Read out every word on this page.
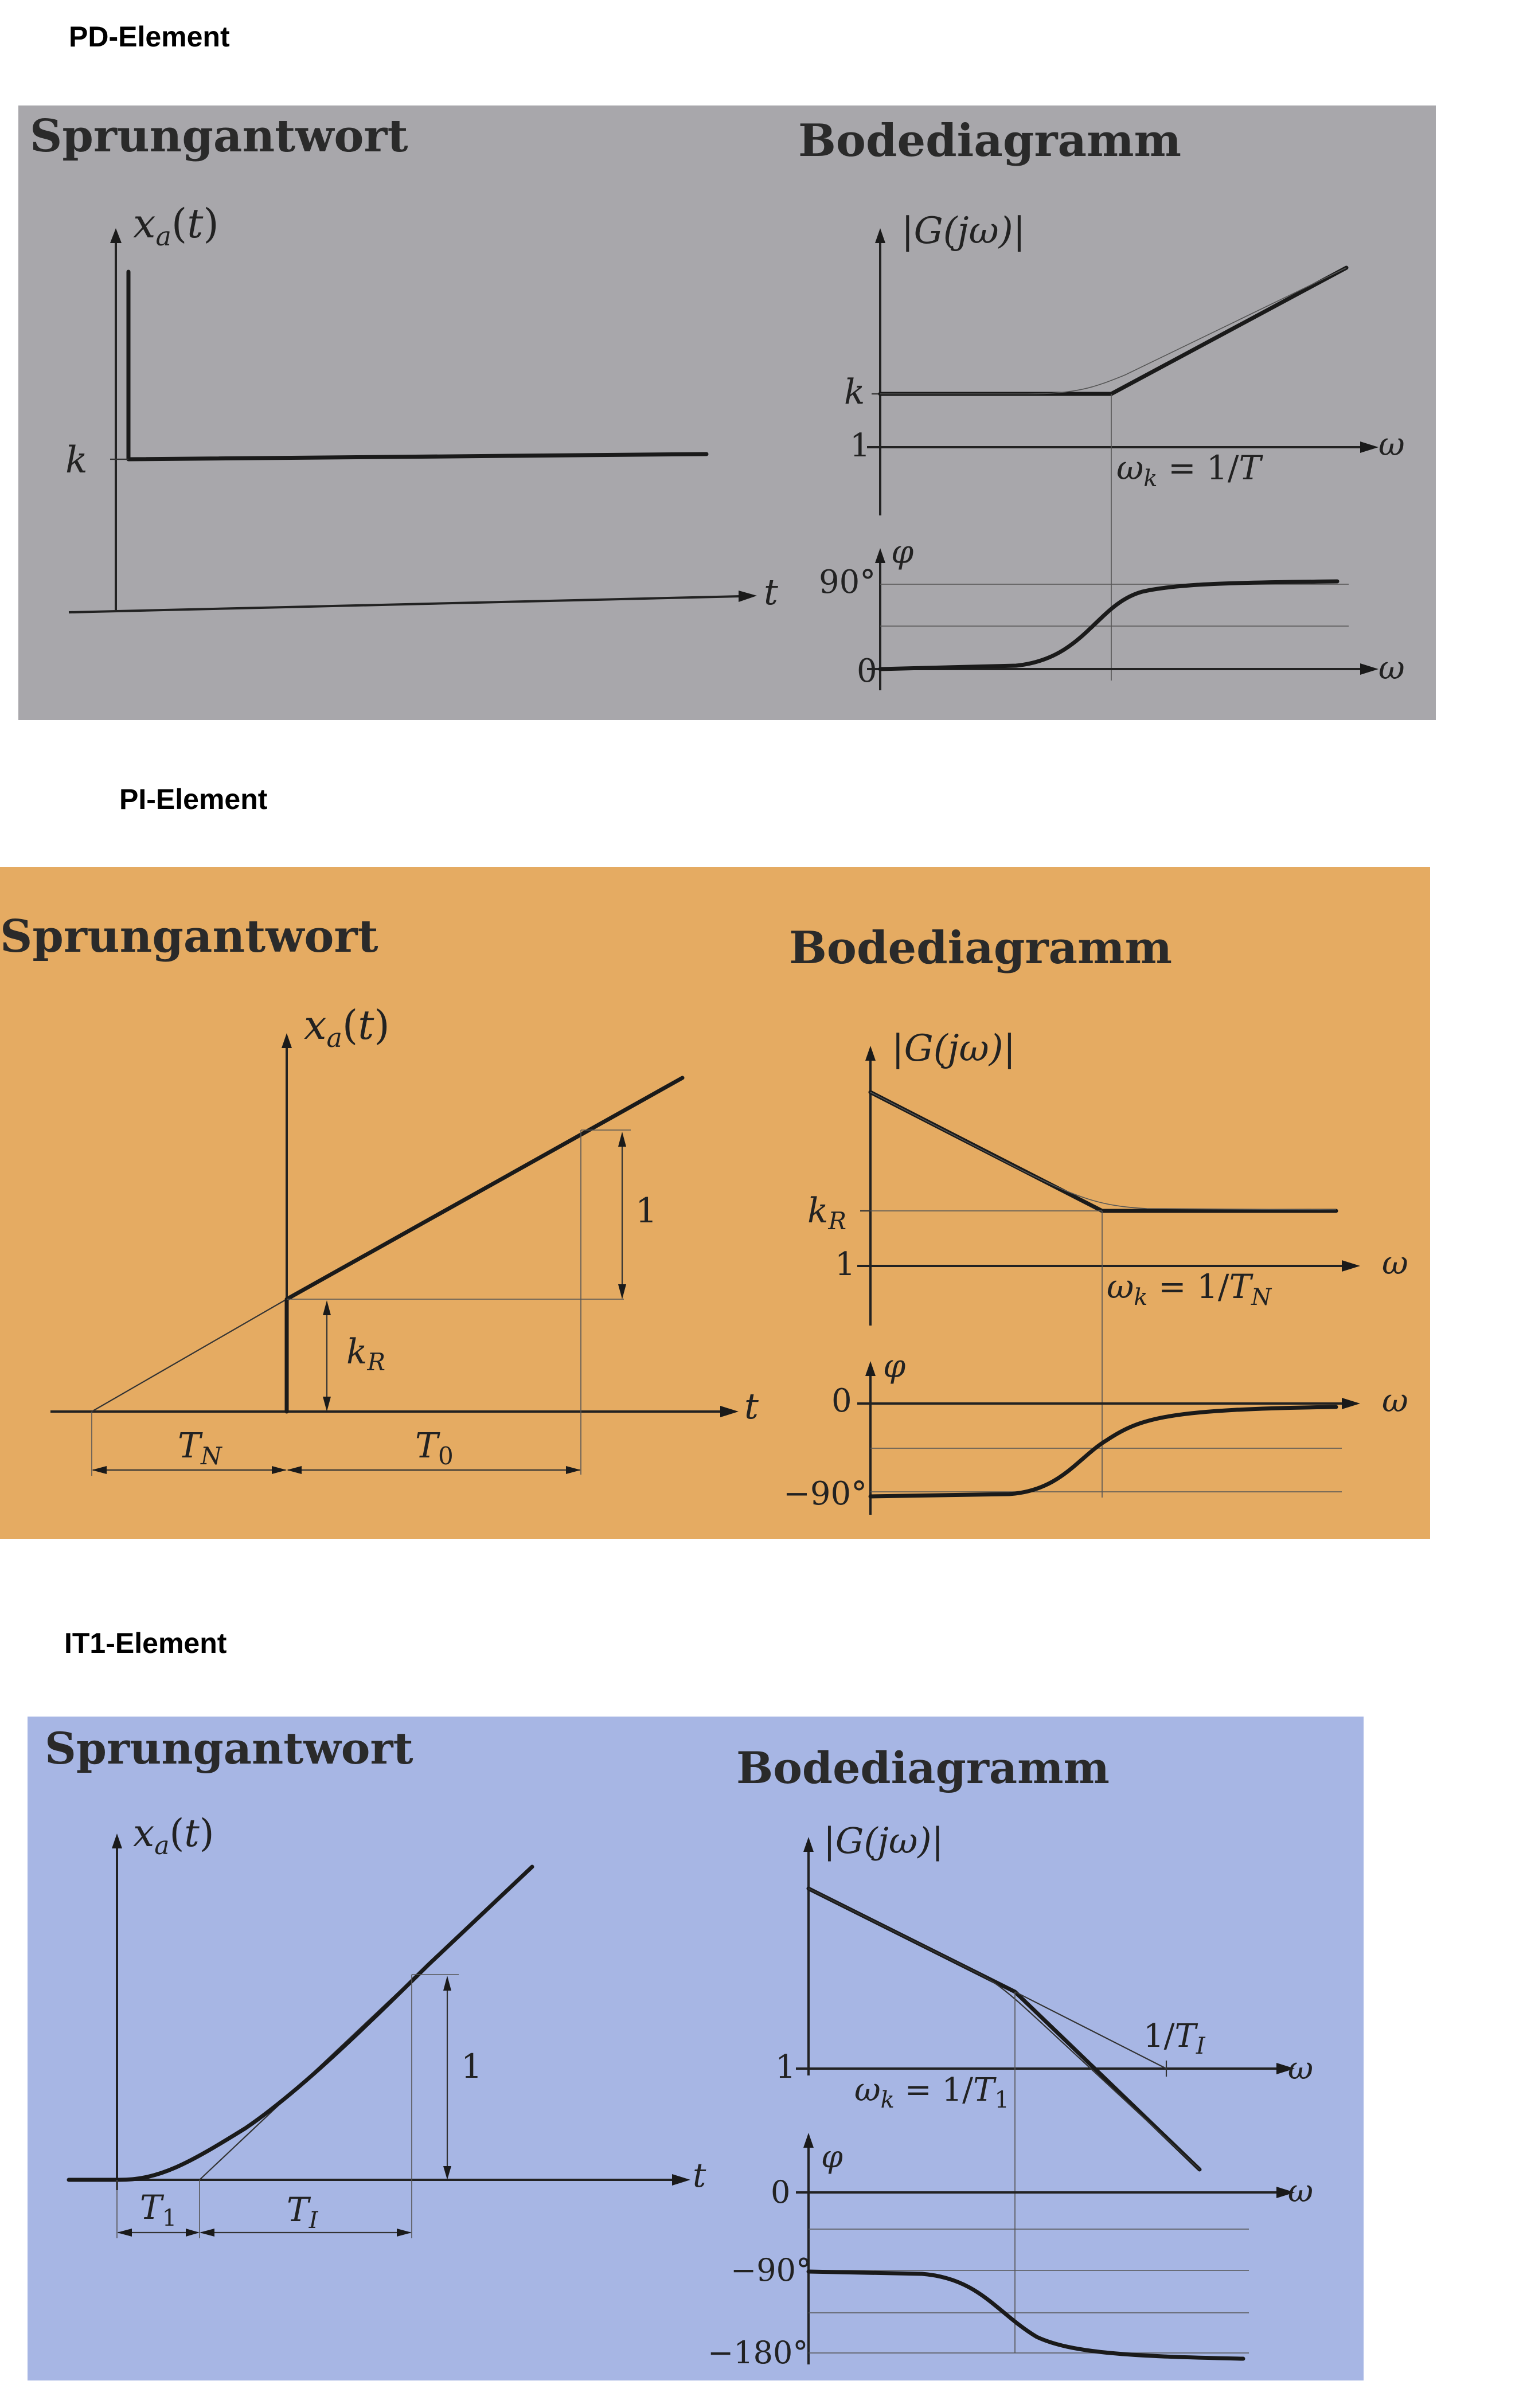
PD-Element
Sprungantwort	Bodediagramm
$x_a(t)$
k
t
|G(jω)|
k
1
$\omega_k = 1/T$
ω
φ
90°
0	ω
PI-Element
Sprungantwort	Bodediagramm
1
$k_R$
$T_N$	$T_0$
$x_a(t)$
t
|G(jω)|
$k_R$
1
$\omega_k = 1/T_N$
ω
φ
0
−90°
ω
IT1-Element
Sprungantwort	Bodediagramm
1
$T_1$	$T_I$
$x_a(t)$
t
|G(jω)|
1
$\omega_k = 1/T_1$
$1/T_I$
ω
φ
0
−90°
−180°
ω
